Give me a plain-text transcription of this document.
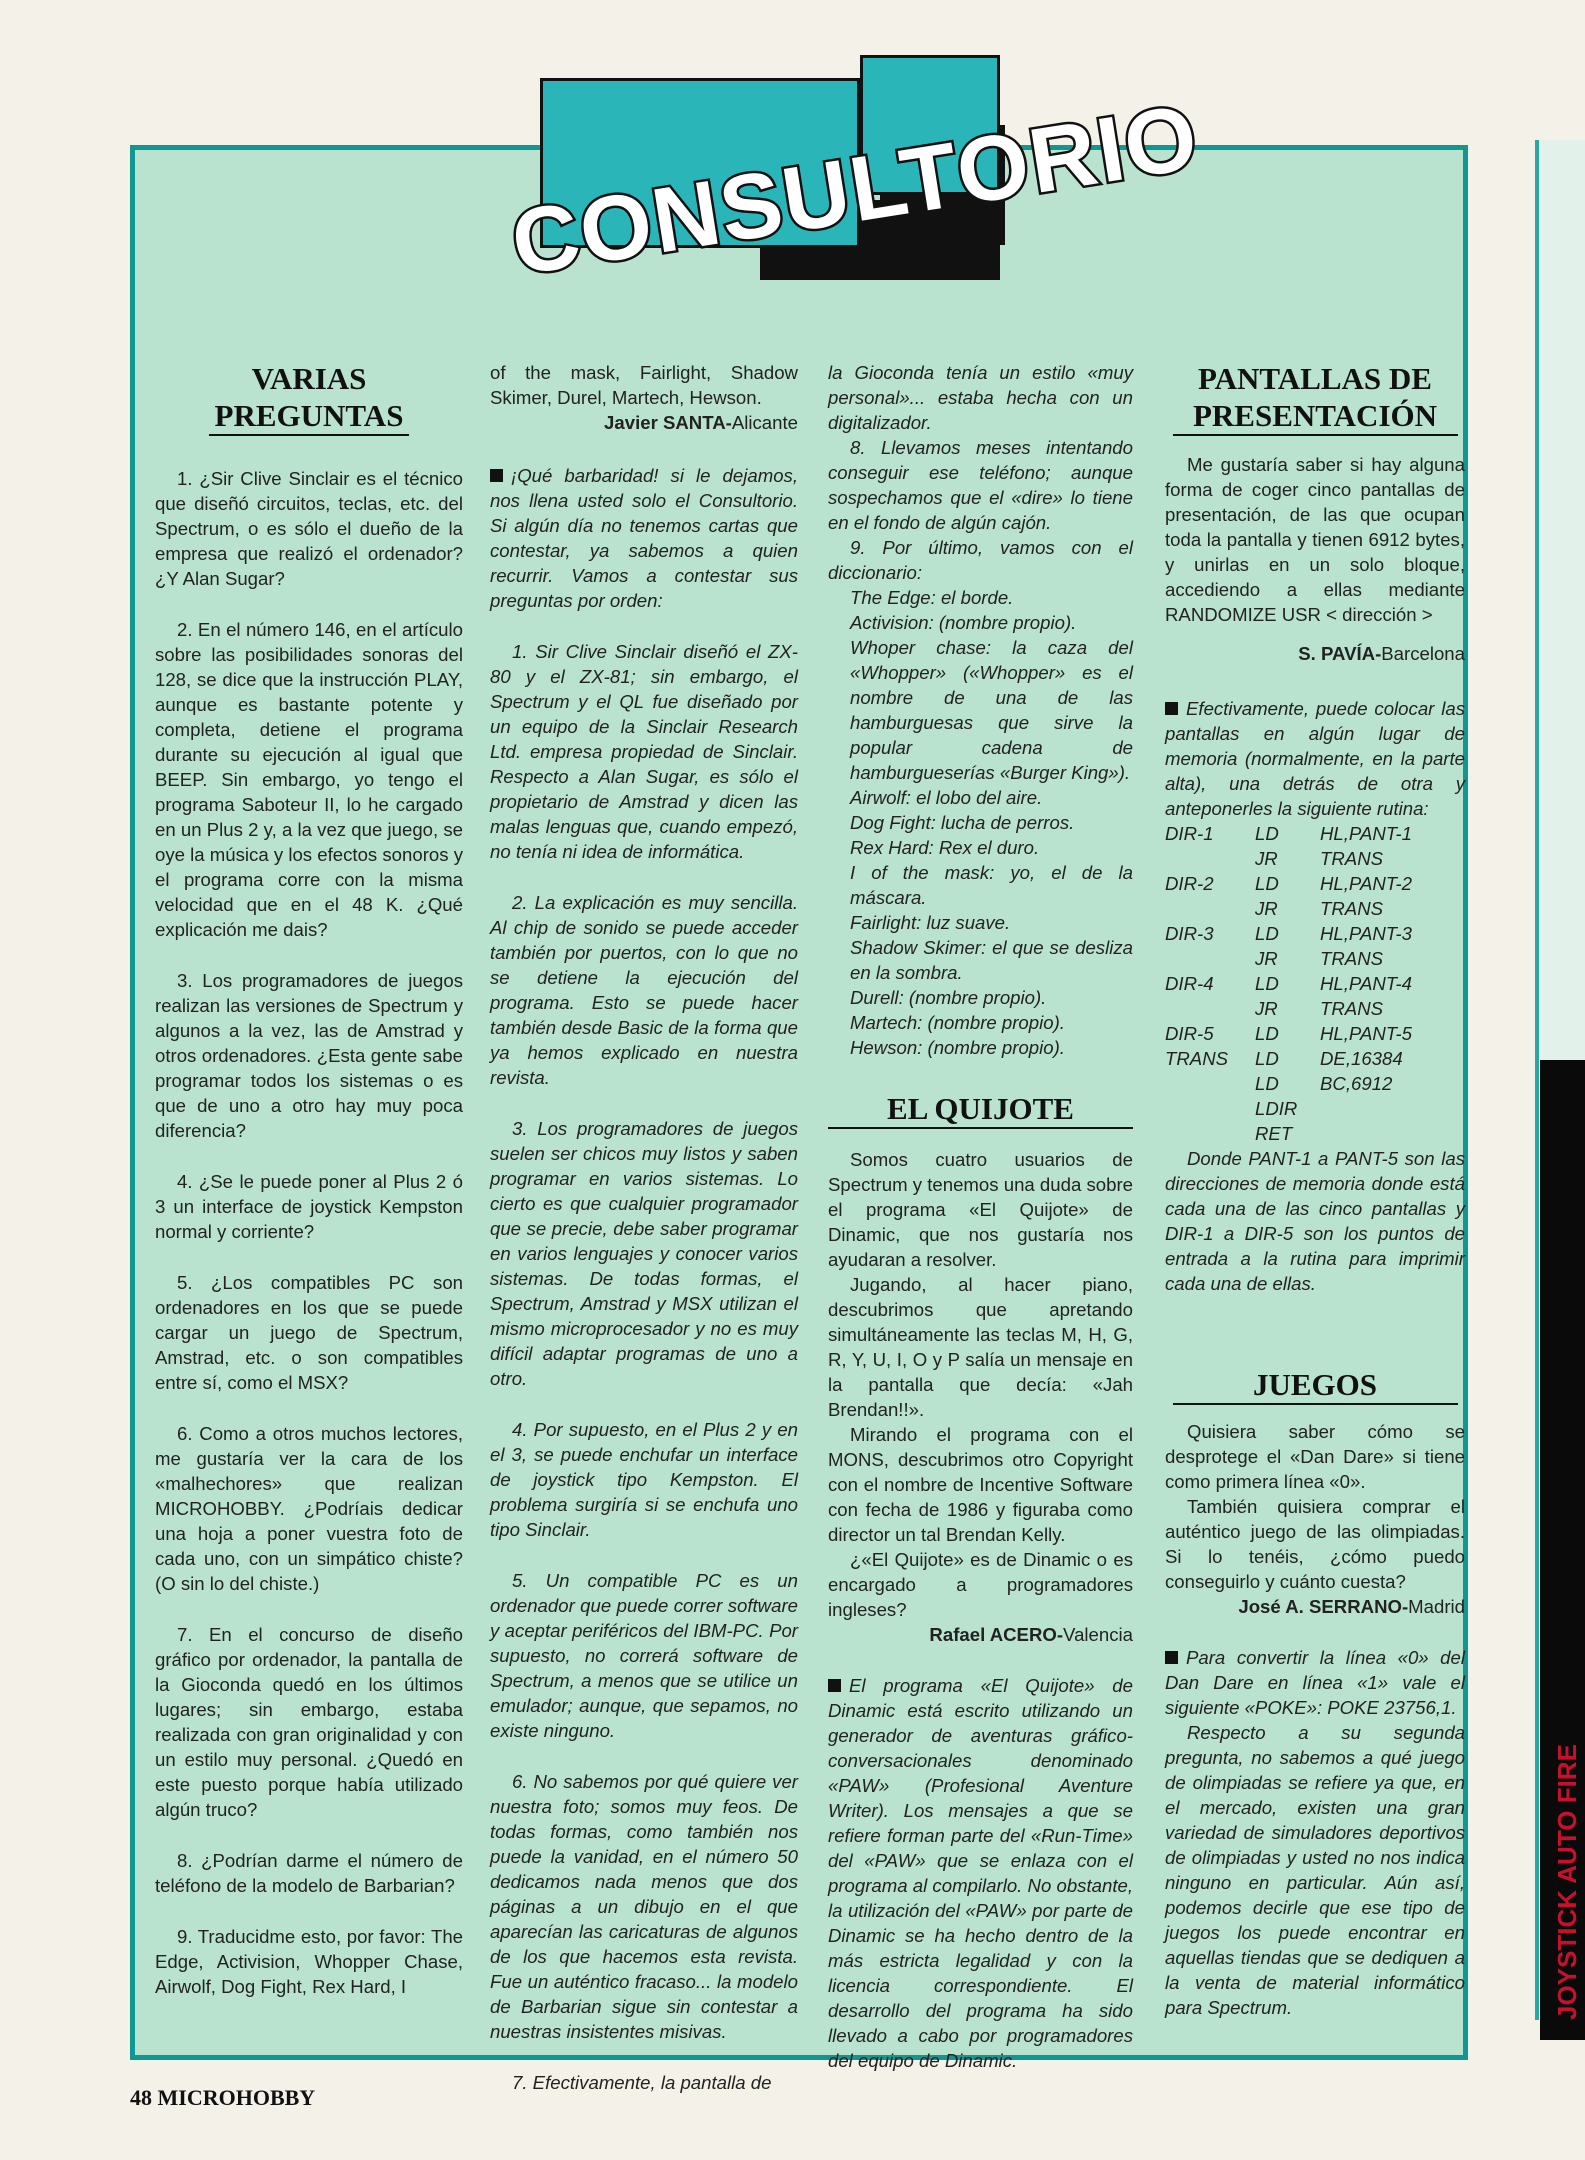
JOYSTICK AUTO FIRE
CONSULTORIO
VARIAS PREGUNTAS

1. ¿Sir Clive Sinclair es el técnico que diseñó circuitos, teclas, etc. del Spectrum, o es sólo el dueño de la empresa que realizó el ordenador? ¿Y Alan Sugar?

2. En el número 146, en el artículo sobre las posibilidades sonoras del 128, se dice que la instrucción PLAY, aunque es bastante potente y completa, detiene el programa durante su ejecución al igual que BEEP. Sin embargo, yo tengo el programa Saboteur II, lo he cargado en un Plus 2 y, a la vez que juego, se oye la música y los efectos sonoros y el programa corre con la misma velocidad que en el 48 K. ¿Qué explicación me dais?

3. Los programadores de juegos realizan las versiones de Spectrum y algunos a la vez, las de Amstrad y otros ordenadores. ¿Esta gente sabe programar todos los sistemas o es que de uno a otro hay muy poca diferencia?

4. ¿Se le puede poner al Plus 2 ó 3 un interface de joystick Kempston normal y corriente?

5. ¿Los compatibles PC son ordenadores en los que se puede cargar un juego de Spectrum, Amstrad, etc. o son compatibles entre sí, como el MSX?

6. Como a otros muchos lectores, me gustaría ver la cara de los «malhechores» que realizan MICROHOBBY. ¿Podríais dedicar una hoja a poner vuestra foto de cada uno, con un simpático chiste? (O sin lo del chiste.)

7. En el concurso de diseño gráfico por ordenador, la pantalla de la Gioconda quedó en los últimos lugares; sin embargo, estaba realizada con gran originalidad y con un estilo muy personal. ¿Quedó en este puesto porque había utilizado algún truco?

8. ¿Podrían darme el número de teléfono de la modelo de Barbarian?

9. Traducidme esto, por favor: The Edge, Activision, Whopper Chase, Airwolf, Dog Fight, Rex Hard, I

of the mask, Fairlight, Shadow Skimer, Durel, Martech, Hewson.

Javier SANTA-Alicante

¡Qué barbaridad! si le dejamos, nos llena usted solo el Consultorio. Si algún día no tenemos cartas que contestar, ya sabemos a quien recurrir. Vamos a contestar sus preguntas por orden:

1. Sir Clive Sinclair diseñó el ZX-80 y el ZX-81; sin embargo, el Spectrum y el QL fue diseñado por un equipo de la Sinclair Research Ltd. empresa propiedad de Sinclair. Respecto a Alan Sugar, es sólo el propietario de Amstrad y dicen las malas lenguas que, cuando empezó, no tenía ni idea de informática.

2. La explicación es muy sencilla. Al chip de sonido se puede acceder también por puertos, con lo que no se detiene la ejecución del programa. Esto se puede hacer también desde Basic de la forma que ya hemos explicado en nuestra revista.

3. Los programadores de juegos suelen ser chicos muy listos y saben programar en varios sistemas. Lo cierto es que cualquier programador que se precie, debe saber programar en varios lenguajes y conocer varios sistemas. De todas formas, el Spectrum, Amstrad y MSX utilizan el mismo microprocesador y no es muy difícil adaptar programas de uno a otro.

4. Por supuesto, en el Plus 2 y en el 3, se puede enchufar un interface de joystick tipo Kempston. El problema surgiría si se enchufa uno tipo Sinclair.

5. Un compatible PC es un ordenador que puede correr software y aceptar periféricos del IBM-PC. Por supuesto, no correrá software de Spectrum, a menos que se utilice un emulador; aunque, que sepamos, no existe ninguno.

6. No sabemos por qué quiere ver nuestra foto; somos muy feos. De todas formas, como también nos puede la vanidad, en el número 50 dedicamos nada menos que dos páginas a un dibujo en el que aparecían las caricaturas de algunos de los que hacemos esta revista. Fue un auténtico fracaso... la modelo de Barbarian sigue sin contestar a nuestras insistentes misivas.

7. Efectivamente, la pantalla de

la Gioconda tenía un estilo «muy personal»... estaba hecha con un digitalizador.

8. Llevamos meses intentando conseguir ese teléfono; aunque sospechamos que el «dire» lo tiene en el fondo de algún cajón.

9. Por último, vamos con el diccionario:

The Edge: el borde.
Activision: (nombre propio).
Whoper chase: la caza del «Whopper» («Whopper» es el nombre de una de las hamburguesas que sirve la popular cadena de hamburgueserías «Burger King»).
Airwolf: el lobo del aire.
Dog Fight: lucha de perros.
Rex Hard: Rex el duro.
I of the mask: yo, el de la máscara.
Fairlight: luz suave.
Shadow Skimer: el que se desliza en la sombra.
Durell: (nombre propio).
Martech: (nombre propio).
Hewson: (nombre propio).
EL QUIJOTE

Somos cuatro usuarios de Spectrum y tenemos una duda sobre el programa «El Quijote» de Dinamic, que nos gustaría nos ayudaran a resolver.

Jugando, al hacer piano, descubrimos que apretando simultáneamente las teclas M, H, G, R, Y, U, I, O y P salía un mensaje en la pantalla que decía: «Jah Brendan!!».

Mirando el programa con el MONS, descubrimos otro Copyright con el nombre de Incentive Software con fecha de 1986 y figuraba como director un tal Brendan Kelly.

¿«El Quijote» es de Dinamic o es encargado a programadores ingleses?

Rafael ACERO-Valencia

El programa «El Quijote» de Dinamic está escrito utilizando un generador de aventuras gráfico-conversacionales denominado «PAW» (Profesional Aventure Writer). Los mensajes a que se refiere forman parte del «Run-Time» del «PAW» que se enlaza con el programa al compilarlo. No obstante, la utilización del «PAW» por parte de Dinamic se ha hecho dentro de la más estricta legalidad y con la licencia correspondiente. El desarrollo del programa ha sido llevado a cabo por programadores del equipo de Dinamic.

PANTALLAS DE PRESENTACIÓN

Me gustaría saber si hay alguna forma de coger cinco pantallas de presentación, de las que ocupan toda la pantalla y tienen 6912 bytes, y unirlas en un solo bloque, accediendo a ellas mediante RANDOMIZE USR < dirección >

S. PAVÍA-Barcelona

Efectivamente, puede colocar las pantallas en algún lugar de memoria (normalmente, en la parte alta), una detrás de otra y anteponerles la siguiente rutina:

DIR-1	LD	HL,PANT-1
	JR	TRANS
DIR-2	LD	HL,PANT-2
	JR	TRANS
DIR-3	LD	HL,PANT-3
	JR	TRANS
DIR-4	LD	HL,PANT-4
	JR	TRANS
DIR-5	LD	HL,PANT-5
TRANS	LD	DE,16384
	LD	BC,6912
	LDIR	
	RET	

Donde PANT-1 a PANT-5 son las direcciones de memoria donde está cada una de las cinco pantallas y DIR-1 a DIR-5 son los puntos de entrada a la rutina para imprimir cada una de ellas.

JUEGOS

Quisiera saber cómo se desprotege el «Dan Dare» si tiene como primera línea «0».

También quisiera comprar el auténtico juego de las olimpiadas. Si lo tenéis, ¿cómo puedo conseguirlo y cuánto cuesta?

José A. SERRANO-Madrid

Para convertir la línea «0» del Dan Dare en línea «1» vale el siguiente «POKE»: POKE 23756,1.

Respecto a su segunda pregunta, no sabemos a qué juego de olimpiadas se refiere ya que, en el mercado, existen una gran variedad de simuladores deportivos de olimpiadas y usted no nos indica ninguno en particular. Aún así, podemos decirle que ese tipo de juegos los puede encontrar en aquellas tiendas que se dediquen a la venta de material informático para Spectrum.

48 MICROHOBBY
